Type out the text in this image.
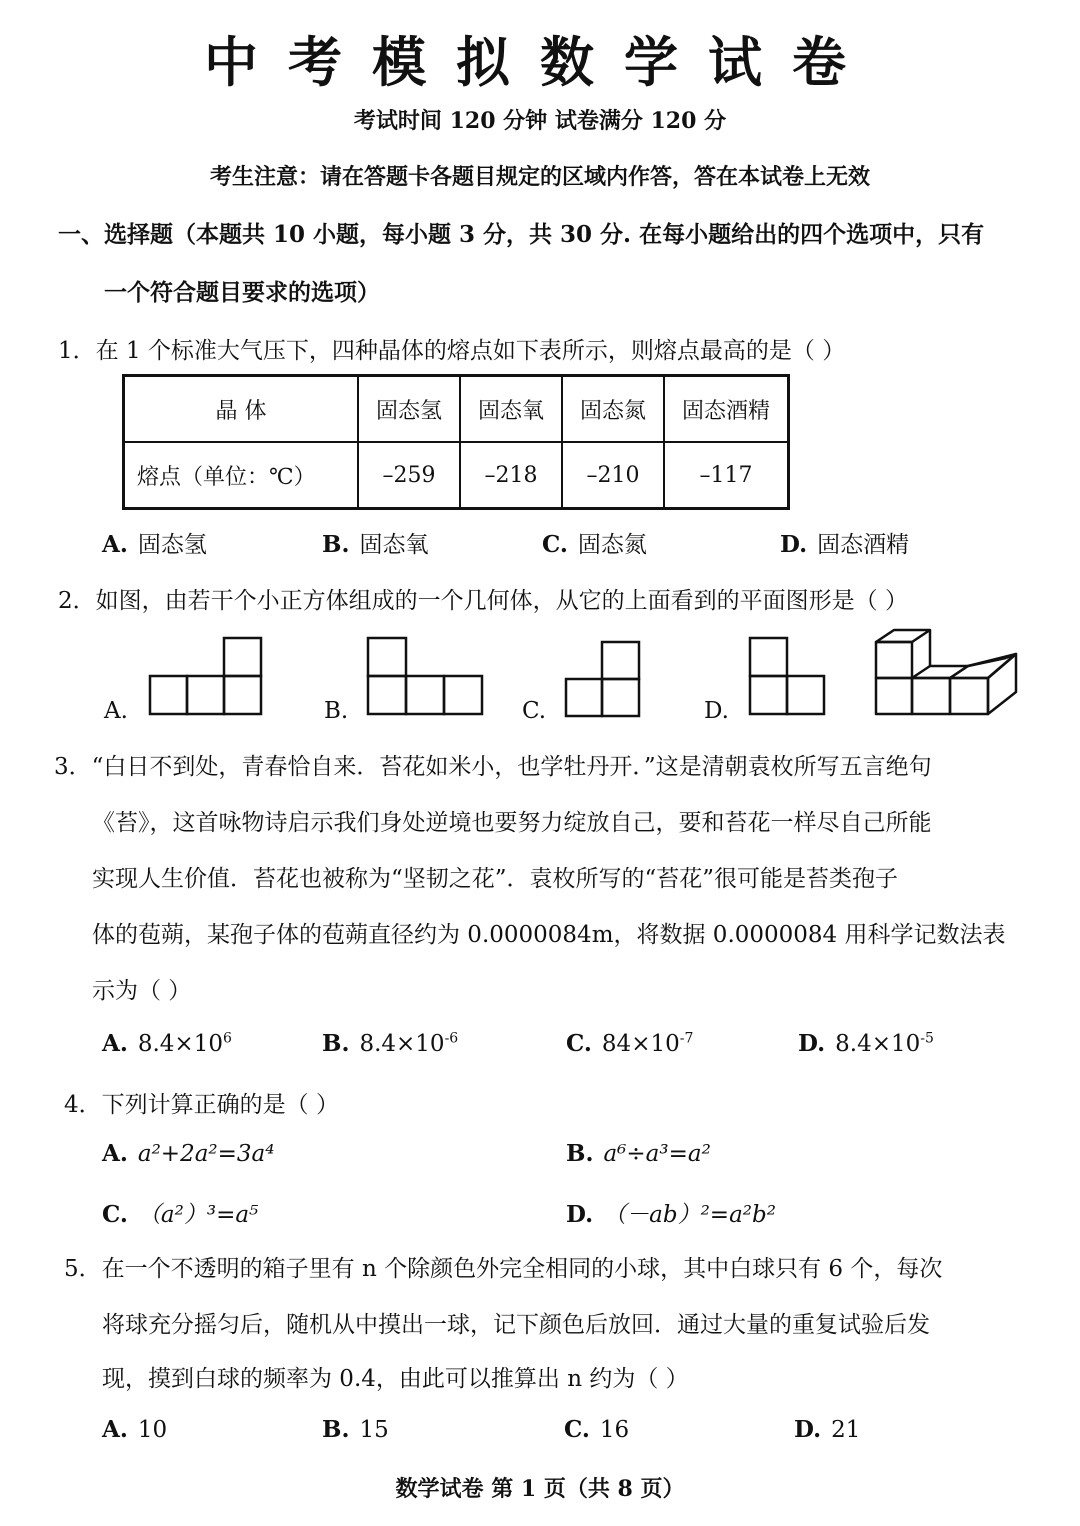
中考模拟数学试卷
考试时间 120 分钟 试卷满分 120 分
考生注意：请在答题卡各题目规定的区域内作答，答在本试卷上无效
一、选择题（本题共 10 小题，每小题 3 分，共 30 分. 在每小题给出的四个选项中，只有
一个符合题目要求的选项）
1．在 1 个标准大气压下，四种晶体的熔点如下表所示，则熔点最高的是（ ）
晶 体	固态氢	固态氧	固态氮	固态酒精
熔点（单位：℃）	–259	–218	–210	–117
A. 固态氢	B. 固态氧	C. 固态氮	D. 固态酒精
2．如图，由若干个小正方体组成的一个几何体，从它的上面看到的平面图形是（ ）
A.	B.	C.	D.
3．“白日不到处，青春恰自来．苔花如米小，也学牡丹开．”这是清朝袁枚所写五言绝句
《苔》，这首咏物诗启示我们身处逆境也要努力绽放自己，要和苔花一样尽自己所能
实现人生价值．苔花也被称为“坚韧之花”．袁枚所写的“苔花”很可能是苔类孢子
体的苞蒴，某孢子体的苞蒴直径约为 0.0000084m，将数据 0.0000084 用科学记数法表
示为（ ）
A. $8.4\times 10^6$	B. $8.4\times 10^{-6}$	C. $84\times 10^{-7}$	D. $8.4\times 10^{-5}$
4．下列计算正确的是（ ）
A. a²+2a²=3a⁴	B. a⁶÷a³=a²
C. （a²）³=a⁵	D. （－ab）²=a²b²
5．在一个不透明的箱子里有 n 个除颜色外完全相同的小球，其中白球只有 6 个，每次
将球充分摇匀后，随机从中摸出一球，记下颜色后放回．通过大量的重复试验后发
现，摸到白球的频率为 0.4，由此可以推算出 n 约为（ ）
A. 10	B. 15	C. 16	D. 21
数学试卷 第 1 页（共 8 页）
